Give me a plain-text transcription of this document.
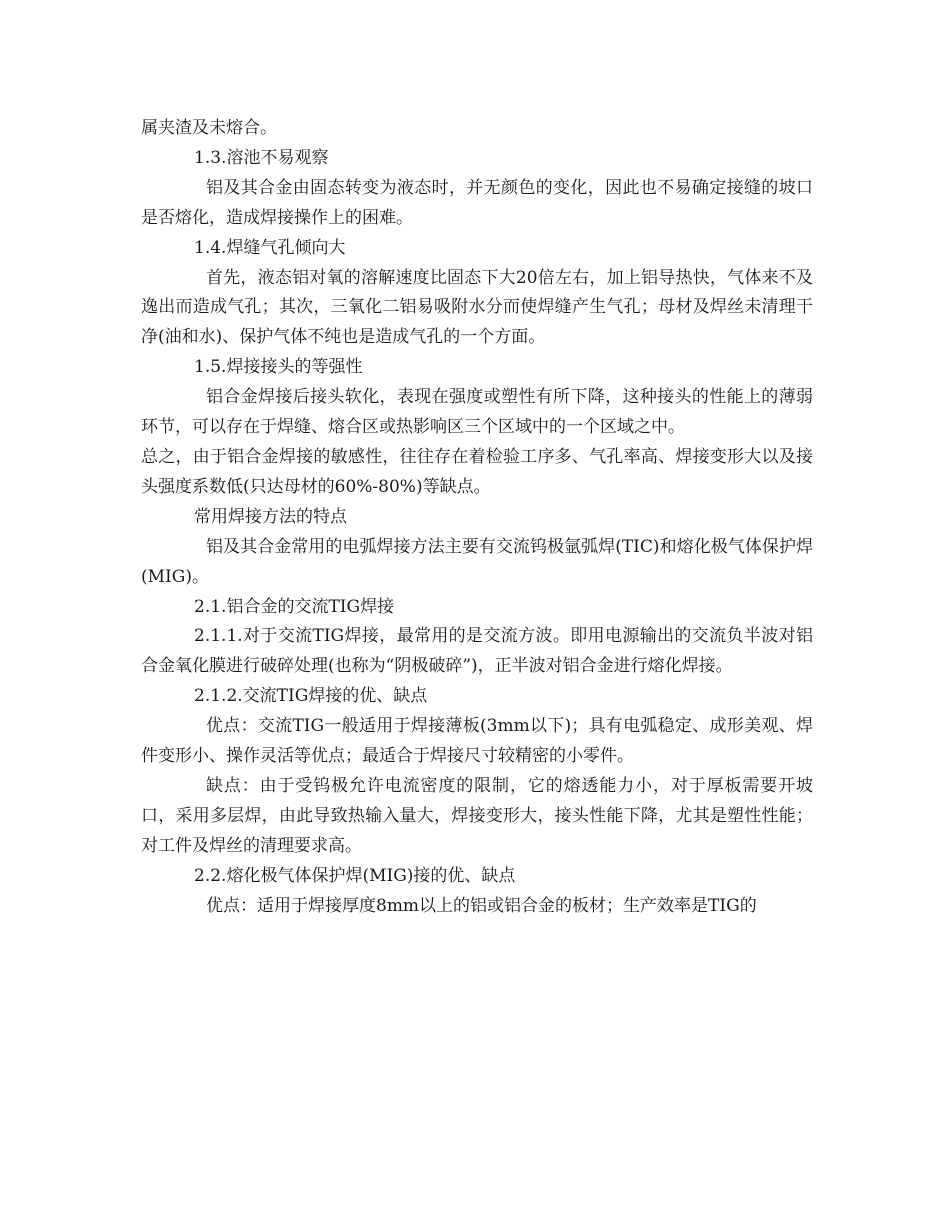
属夹渣及未熔合。

1.3.溶池不易观察

铝及其合金由固态转变为液态时，并无颜色的变化，因此也不易确定接缝的坡口是否熔化，造成焊接操作上的困难。

1.4.焊缝气孔倾向大

首先，液态铝对氧的溶解速度比固态下大20倍左右，加上铝导热快，气体来不及逸出而造成气孔；其次，三氧化二铝易吸附水分而使焊缝产生气孔；母材及焊丝未清理干净(油和水)、保护气体不纯也是造成气孔的一个方面。

1.5.焊接接头的等强性

铝合金焊接后接头软化，表现在强度或塑性有所下降，这种接头的性能上的薄弱环节，可以存在于焊缝、熔合区或热影响区三个区域中的一个区域之中。

总之，由于铝合金焊接的敏感性，往往存在着检验工序多、气孔率高、焊接变形大以及接头强度系数低(只达母材的60%-80%)等缺点。

常用焊接方法的特点

铝及其合金常用的电弧焊接方法主要有交流钨极氩弧焊(TIC)和熔化极气体保护焊(MIG)。

2.1.铝合金的交流TIG焊接

2.1.1.对于交流TIG焊接，最常用的是交流方波。即用电源输出的交流负半波对铝合金氧化膜进行破碎处理(也称为“阴极破碎”)，正半波对铝合金进行熔化焊接。

2.1.2.交流TIG焊接的优、缺点

优点：交流TIG一般适用于焊接薄板(3mm以下)；具有电弧稳定、成形美观、焊件变形小、操作灵活等优点；最适合于焊接尺寸较精密的小零件。

缺点：由于受钨极允许电流密度的限制，它的熔透能力小，对于厚板需要开坡口，采用多层焊，由此导致热输入量大，焊接变形大，接头性能下降，尤其是塑性性能；对工件及焊丝的清理要求高。

2.2.熔化极气体保护焊(MIG)接的优、缺点

优点：适用于焊接厚度8mm以上的铝或铝合金的板材；生产效率是TIG的
